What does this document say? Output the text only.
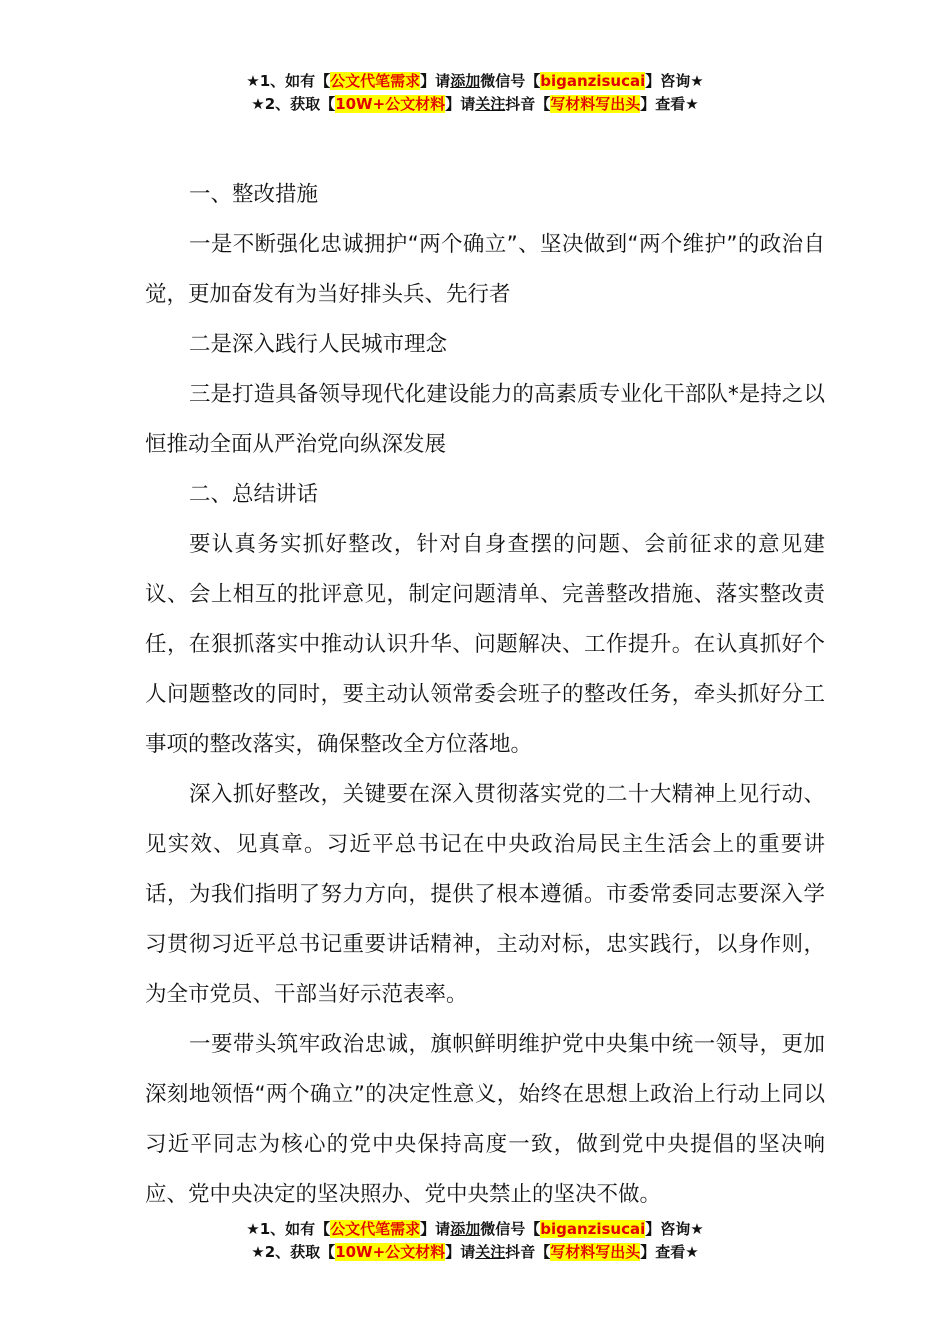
★1、如有【公文代笔需求】请添加微信号【biganzisucai】咨询★
★2、获取【10W+公文材料】请关注抖音【写材料写出头】查看★

一、整改措施

一是不断强化忠诚拥护“两个确立”、坚决做到“两个维护”的政治自觉，更加奋发有为当好排头兵、先行者

二是深入践行人民城市理念

三是打造具备领导现代化建设能力的高素质专业化干部队*是持之以恒推动全面从严治党向纵深发展

二、总结讲话

要认真务实抓好整改，针对自身查摆的问题、会前征求的意见建议、会上相互的批评意见，制定问题清单、完善整改措施、落实整改责任，在狠抓落实中推动认识升华、问题解决、工作提升。在认真抓好个人问题整改的同时，要主动认领常委会班子的整改任务，牵头抓好分工事项的整改落实，确保整改全方位落地。

深入抓好整改，关键要在深入贯彻落实党的二十大精神上见行动、见实效、见真章。习近平总书记在中央政治局民主生活会上的重要讲话，为我们指明了努力方向，提供了根本遵循。市委常委同志要深入学习贯彻习近平总书记重要讲话精神，主动对标，忠实践行，以身作则，为全市党员、干部当好示范表率。

一要带头筑牢政治忠诚，旗帜鲜明维护党中央集中统一领导，更加深刻地领悟“两个确立”的决定性意义，始终在思想上政治上行动上同以习近平同志为核心的党中央保持高度一致，做到党中央提倡的坚决响应、党中央决定的坚决照办、党中央禁止的坚决不做。

★1、如有【公文代笔需求】请添加微信号【biganzisucai】咨询★
★2、获取【10W+公文材料】请关注抖音【写材料写出头】查看★
